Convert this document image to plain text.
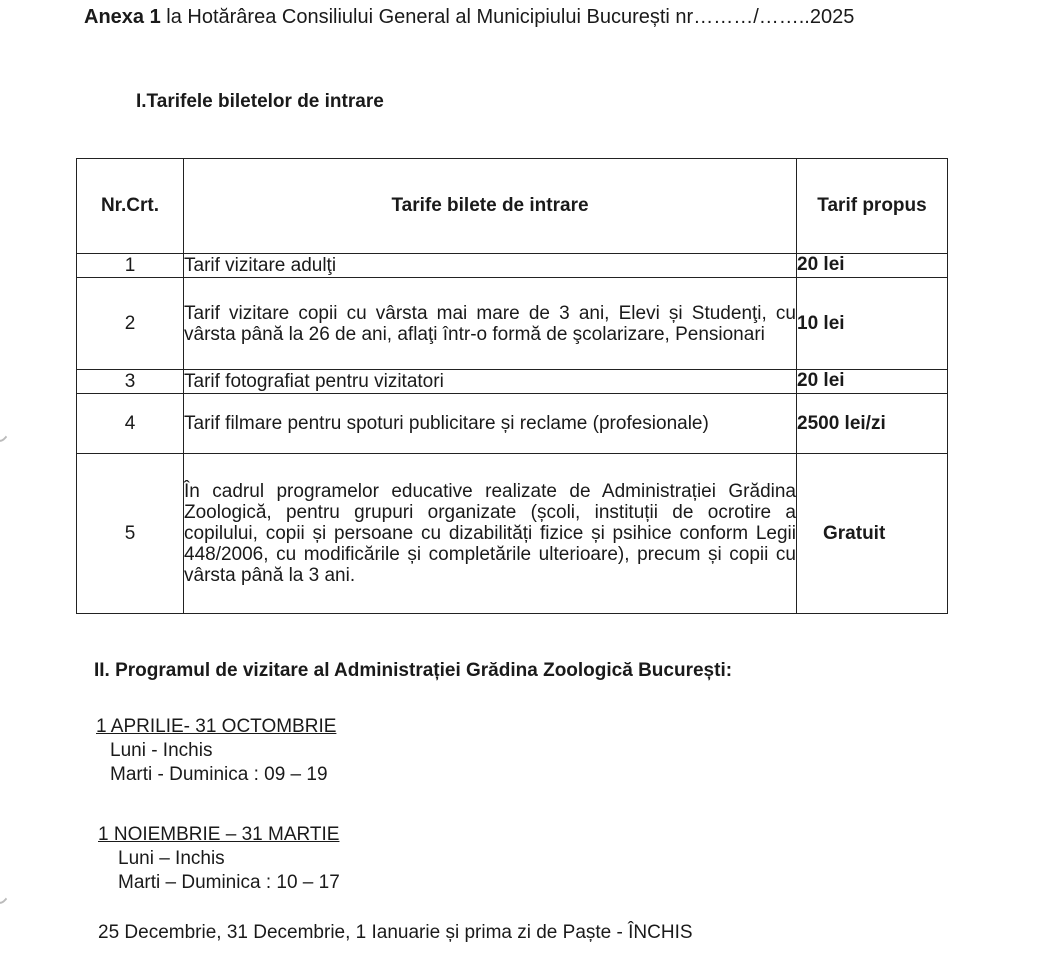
Anexa 1 la Hotărârea Consiliului General al Municipiului București nr………/……..2025
I.Tarifele biletelor de intrare
Nr.Crt.	Tarife bilete de intrare	Tarif propus
1	Tarif vizitare adulţi	20 lei
2	Tarif vizitare copii cu vârsta mai mare de 3 ani, Elevi și Studenţi, cu vârsta până la 26 de ani, aflaţi într-o formă de şcolarizare, Pensionari	10 lei
3	Tarif fotografiat pentru vizitatori	20 lei
4	Tarif filmare pentru spoturi publicitare și reclame (profesionale)	2500 lei/zi
5	În cadrul programelor educative realizate de Administrației Grădina Zoologică, pentru grupuri organizate (școli, instituții de ocrotire a copilului, copii și persoane cu dizabilități fizice și psihice conform Legii 448/2006, cu modificările și completările ulterioare), precum și copii cu vârsta până la 3 ani.	Gratuit
II. Programul de vizitare al Administrației Grădina Zoologică București:
1 APRILIE- 31 OCTOMBRIE
Luni - Inchis
Marti - Duminica : 09 – 19
1 NOIEMBRIE – 31 MARTIE
Luni – Inchis
Marti – Duminica : 10 – 17
25 Decembrie, 31 Decembrie, 1 Ianuarie și prima zi de Paște - ÎNCHIS
